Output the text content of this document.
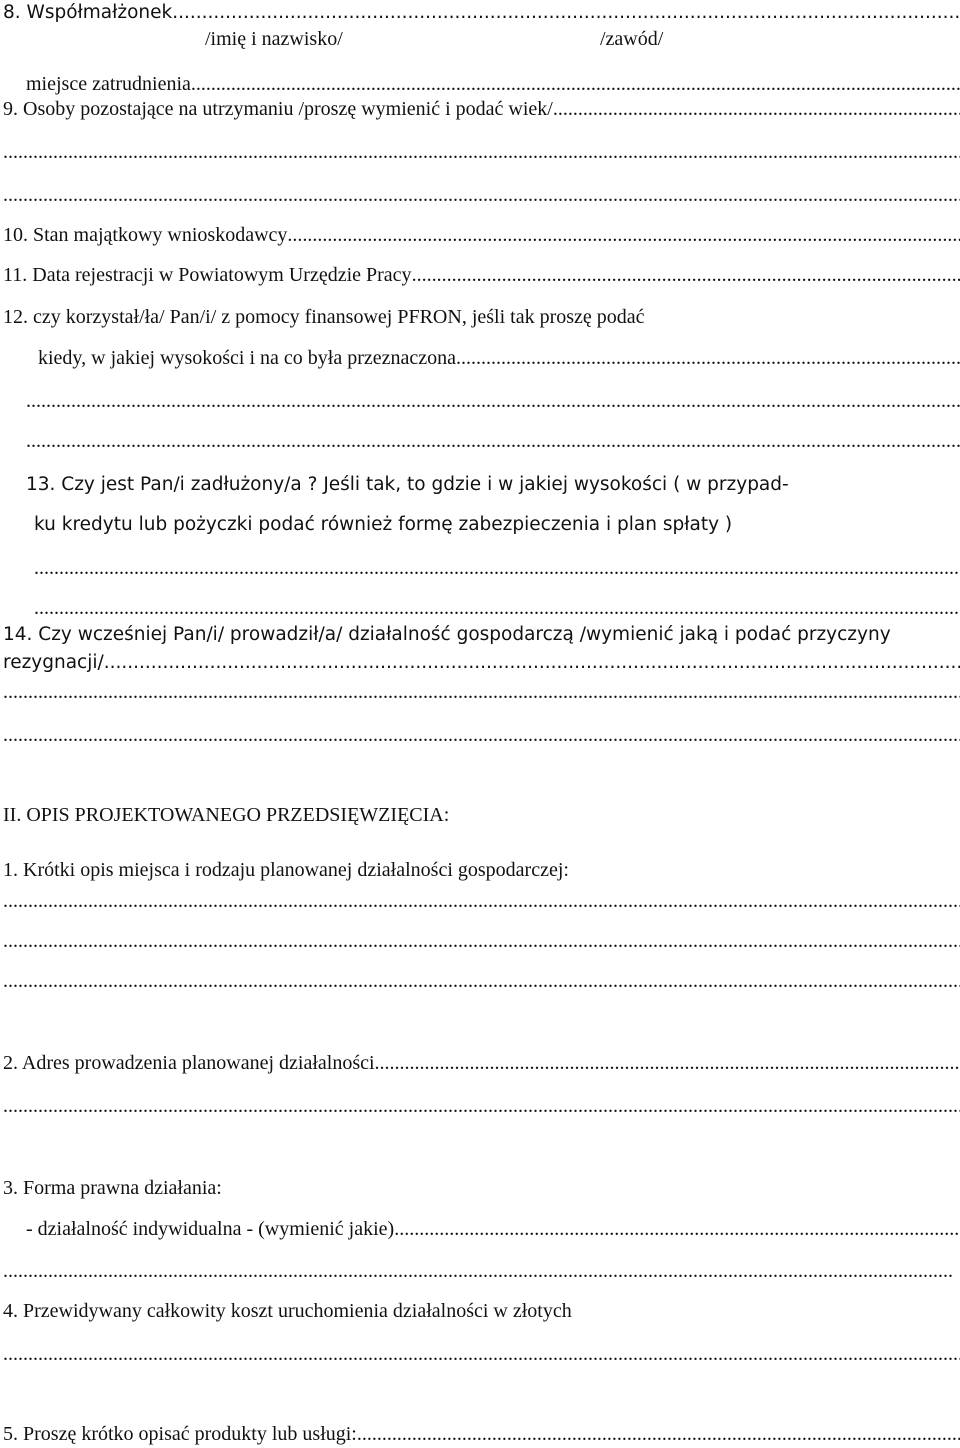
8. Współmałżonek
.....
/imię i nazwisko/	/zawód/
miejsce zatrudnienia
.....
9. Osoby pozostające na utrzymaniu /proszę wymienić i podać wiek/
.....
.....
.....
10. Stan majątkowy wnioskodawcy
.....
11. Data rejestracji w Powiatowym Urzędzie Pracy
.....
12. czy korzystał/ła/ Pan/i/ z pomocy finansowej PFRON, jeśli tak proszę podać
kiedy, w jakiej wysokości i na co była przeznaczona
.....
.....
.....
13. Czy jest Pan/i zadłużony/a ? Jeśli tak, to gdzie i w jakiej wysokości ( w przypad-
ku kredytu lub pożyczki podać również formę zabezpieczenia i plan spłaty )
.....
.....
14. Czy wcześniej Pan/i/ prowadził/a/ działalność gospodarczą /wymienić jaką i podać przyczyny
rezygnacji/
.....
.....
.....
II. OPIS PROJEKTOWANEGO PRZEDSIĘWZIĘCIA:
1. Krótki opis miejsca i rodzaju planowanej działalności gospodarczej:
.....
.....
.....
2. Adres prowadzenia planowanej działalności
.....
.....
3. Forma prawna działania:
- działalność indywidualna - (wymienić jakie)
.....
.....
4. Przewidywany całkowity koszt uruchomienia działalności w złotych
.....
5. Proszę krótko opisać produkty lub usługi:
.....
